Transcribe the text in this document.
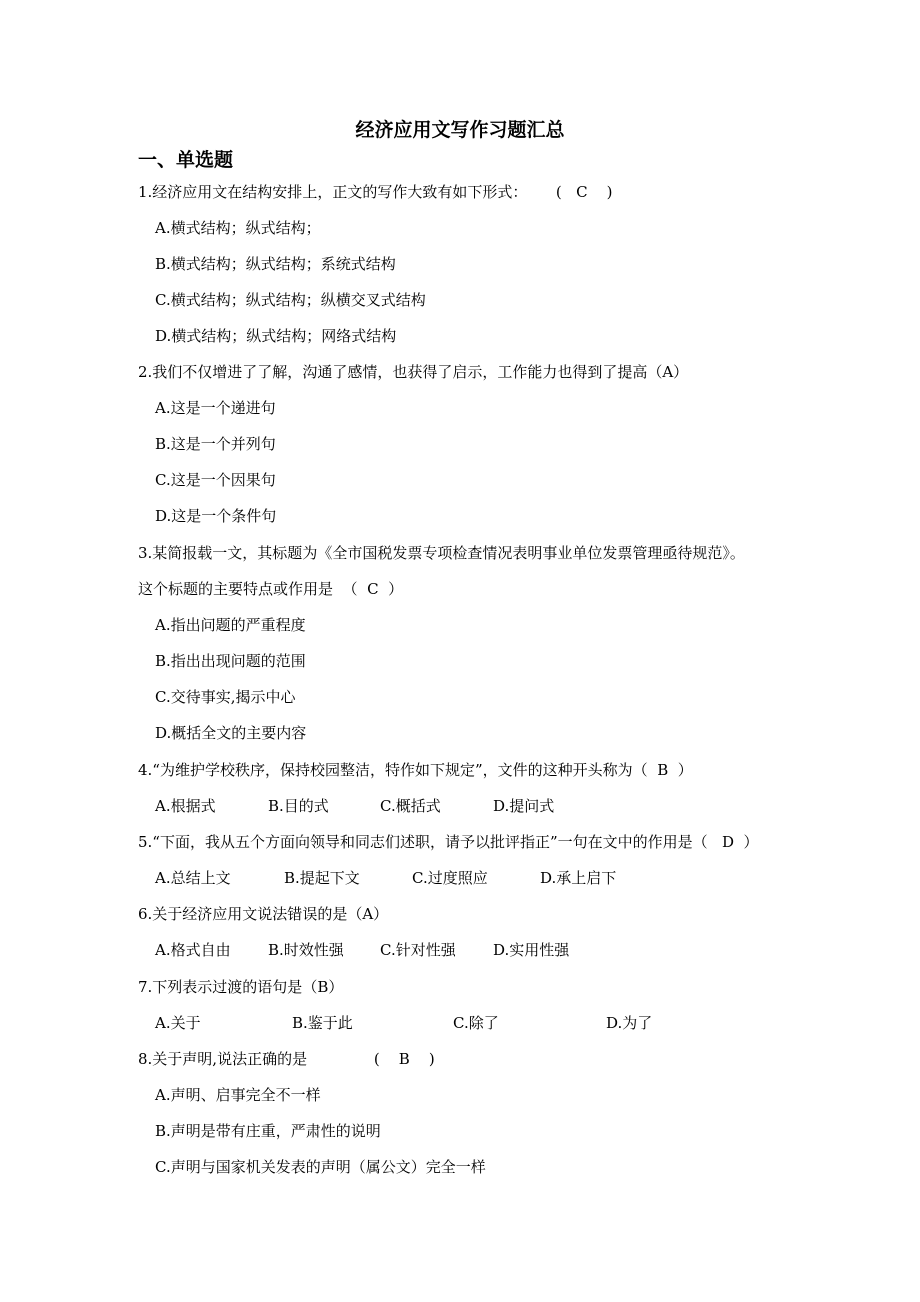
经济应用文写作习题汇总
一、单选题

1.经济应用文在结构安排上，正文的写作大致有如下形式：      (   C    )

A.横式结构；纵式结构；

B.横式结构；纵式结构；系统式结构

C.横式结构；纵式结构；纵横交叉式结构

D.横式结构；纵式结构；网络式结构

2.我们不仅增进了了解，沟通了感情，也获得了启示，工作能力也得到了提高（A）

A.这是一个递进句

B.这是一个并列句

C.这是一个因果句

D.这是一个条件句

3.某简报载一文，其标题为《全市国税发票专项检查情况表明事业单位发票管理亟待规范》。

这个标题的主要特点或作用是  （  C  ）

A.指出问题的严重程度

B.指出出现问题的范围

C.交待事实,揭示中心

D.概括全文的主要内容

4.“为维护学校秩序，保持校园整洁，特作如下规定”，文件的这种开头称为（  B  ）

A.根据式

	B.目的式

	C.概括式

	D.提问式

5.“下面，我从五个方面向领导和同志们述职，请予以批评指正”一句在文中的作用是（   D  ）

A.总结上文

	B.提起下文

	C.过度照应

	D.承上启下

6.关于经济应用文说法错误的是（A）

A.格式自由

B.时效性强

C.针对性强

D.实用性强

7.下列表示过渡的语句是（B）

A.关于

	B.鉴于此

	C.除了

	D.为了

8.关于声明,说法正确的是              (    B    )

A.声明、启事完全不一样

B.声明是带有庄重，严肃性的说明

C.声明与国家机关发表的声明（属公文）完全一样
